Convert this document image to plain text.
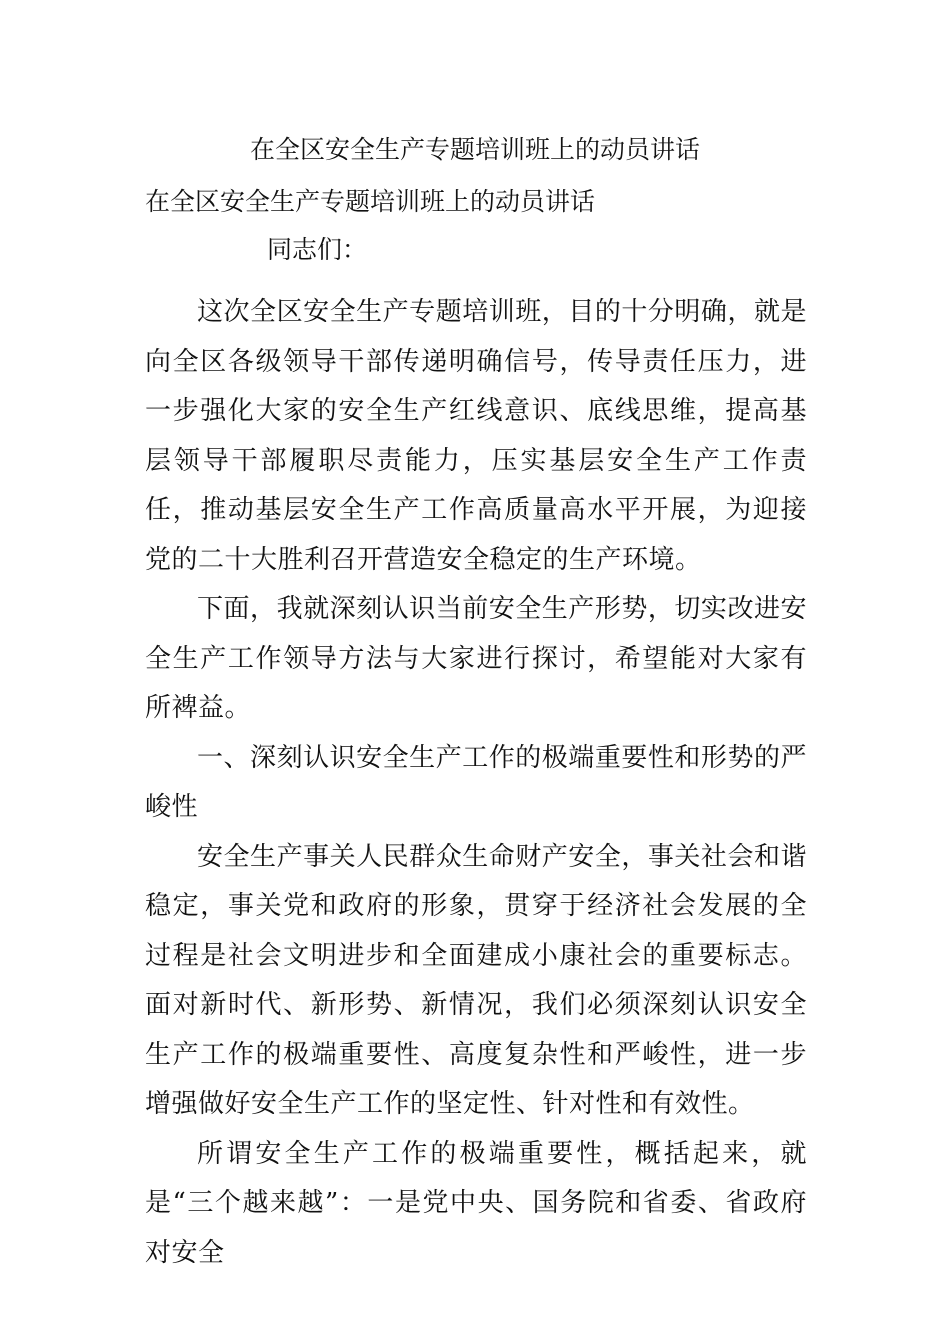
在全区安全生产专题培训班上的动员讲话

在全区安全生产专题培训班上的动员讲话

同志们：

这次全区安全生产专题培训班，目的十分明确，就是向全区各级领导干部传递明确信号，传导责任压力，进一步强化大家的安全生产红线意识、底线思维，提高基层领导干部履职尽责能力，压实基层安全生产工作责任，推动基层安全生产工作高质量高水平开展，为迎接党的二十大胜利召开营造安全稳定的生产环境。

下面，我就深刻认识当前安全生产形势，切实改进安全生产工作领导方法与大家进行探讨，希望能对大家有所裨益。

一、深刻认识安全生产工作的极端重要性和形势的严峻性

安全生产事关人民群众生命财产安全，事关社会和谐稳定，事关党和政府的形象，贯穿于经济社会发展的全过程是社会文明进步和全面建成小康社会的重要标志。面对新时代、新形势、新情况，我们必须深刻认识安全生产工作的极端重要性、高度复杂性和严峻性，进一步增强做好安全生产工作的坚定性、针对性和有效性。

所谓安全生产工作的极端重要性，概括起来，就是“三个越来越”：一是党中央、国务院和省委、省政府对安全
